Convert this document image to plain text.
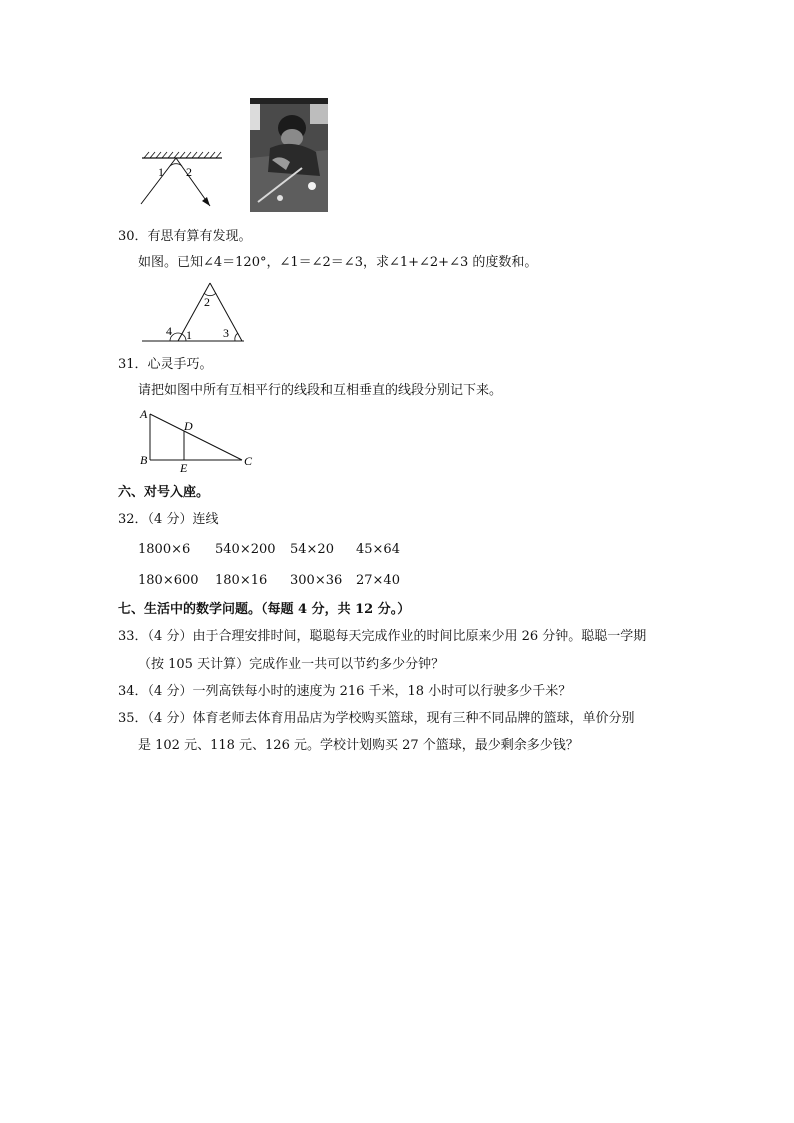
1 2
30．有思有算有发现。
如图。已知∠4＝120°，∠1＝∠2＝∠3，求∠1+∠2+∠3 的度数和。
2
4 1	3
31．心灵手巧。
请把如图中所有互相平行的线段和互相垂直的线段分别记下来。
A
B	C
D
E
六、对号入座。
32．（4 分）连线
1800×6 540×200 54×20 45×64
180×600 180×16 300×36 27×40
七、生活中的数学问题。（每题 4 分，共 12 分。）
33．（4 分）由于合理安排时间，聪聪每天完成作业的时间比原来少用 26 分钟。聪聪一学期
（按 105 天计算）完成作业一共可以节约多少分钟？
34．（4 分）一列高铁每小时的速度为 216 千米，18 小时可以行驶多少千米？
35．（4 分）体育老师去体育用品店为学校购买篮球，现有三种不同品牌的篮球，单价分别
是 102 元、118 元、126 元。学校计划购买 27 个篮球，最少剩余多少钱？
